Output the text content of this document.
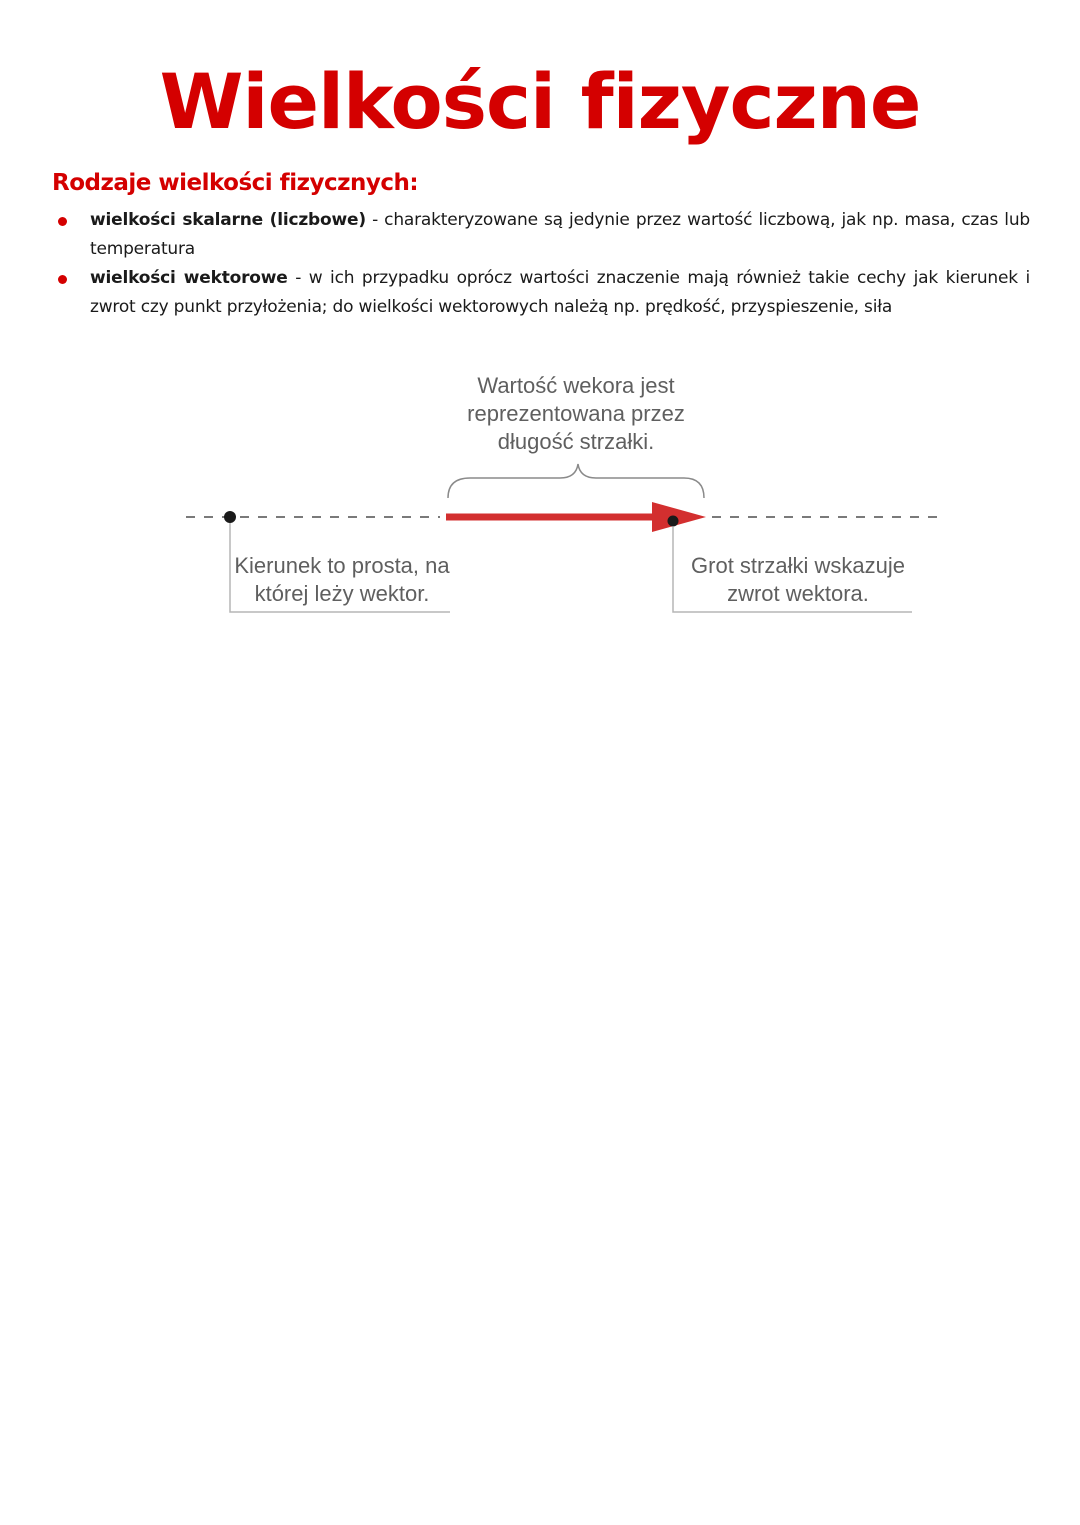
Wielkości fizyczne
Rodzaje wielkości fizycznych:
wielkości skalarne (liczbowe) - charakteryzowane są jedynie przez wartość liczbową, jak np. masa, czas lub temperatura
wielkości wektorowe - w ich przypadku oprócz wartości znaczenie mają również takie cechy jak kierunek i zwrot czy punkt przyłożenia; do wielkości wektorowych należą np. prędkość, przyspieszenie, siła
Wartość wekora jest reprezentowana przez długość strzałki.
Kierunek to prosta, na której leży wektor.
Grot strzałki wskazuje zwrot wektora.
